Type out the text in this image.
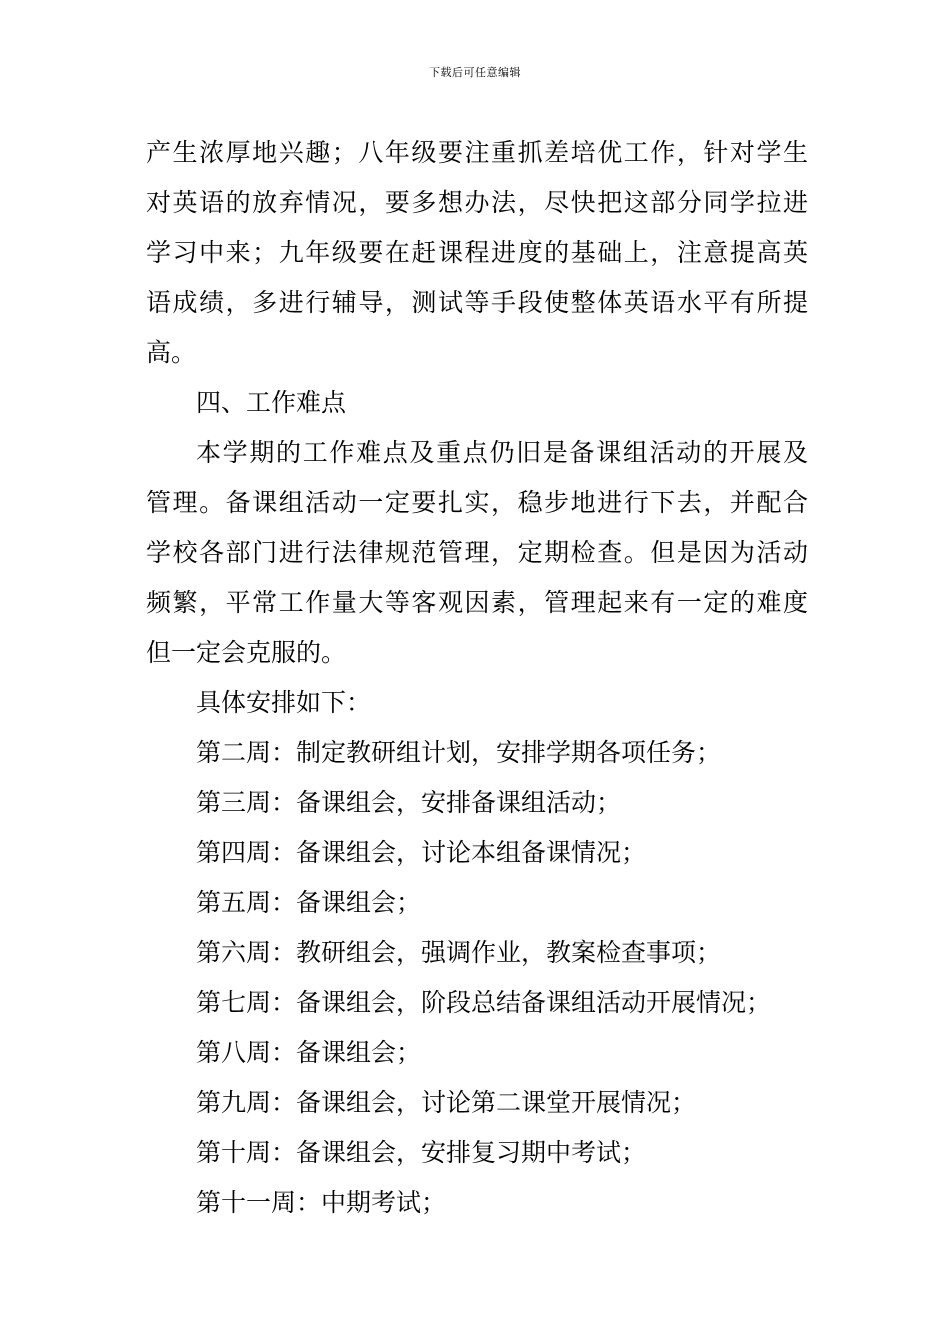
下载后可任意编辑
产生浓厚地兴趣；八年级要注重抓差培优工作，针对学生
对英语的放弃情况，要多想办法，尽快把这部分同学拉进
学习中来；九年级要在赶课程进度的基础上，注意提高英
语成绩，多进行辅导，测试等手段使整体英语水平有所提
高。
四、工作难点
本学期的工作难点及重点仍旧是备课组活动的开展及
管理。备课组活动一定要扎实，稳步地进行下去，并配合
学校各部门进行法律规范管理，定期检查。但是因为活动
频繁，平常工作量大等客观因素，管理起来有一定的难度
但一定会克服的。
具体安排如下：
第二周：制定教研组计划，安排学期各项任务；
第三周：备课组会，安排备课组活动；
第四周：备课组会，讨论本组备课情况；
第五周：备课组会；
第六周：教研组会，强调作业，教案检查事项；
第七周：备课组会，阶段总结备课组活动开展情况；
第八周：备课组会；
第九周：备课组会，讨论第二课堂开展情况；
第十周：备课组会，安排复习期中考试；
第十一周：中期考试；
